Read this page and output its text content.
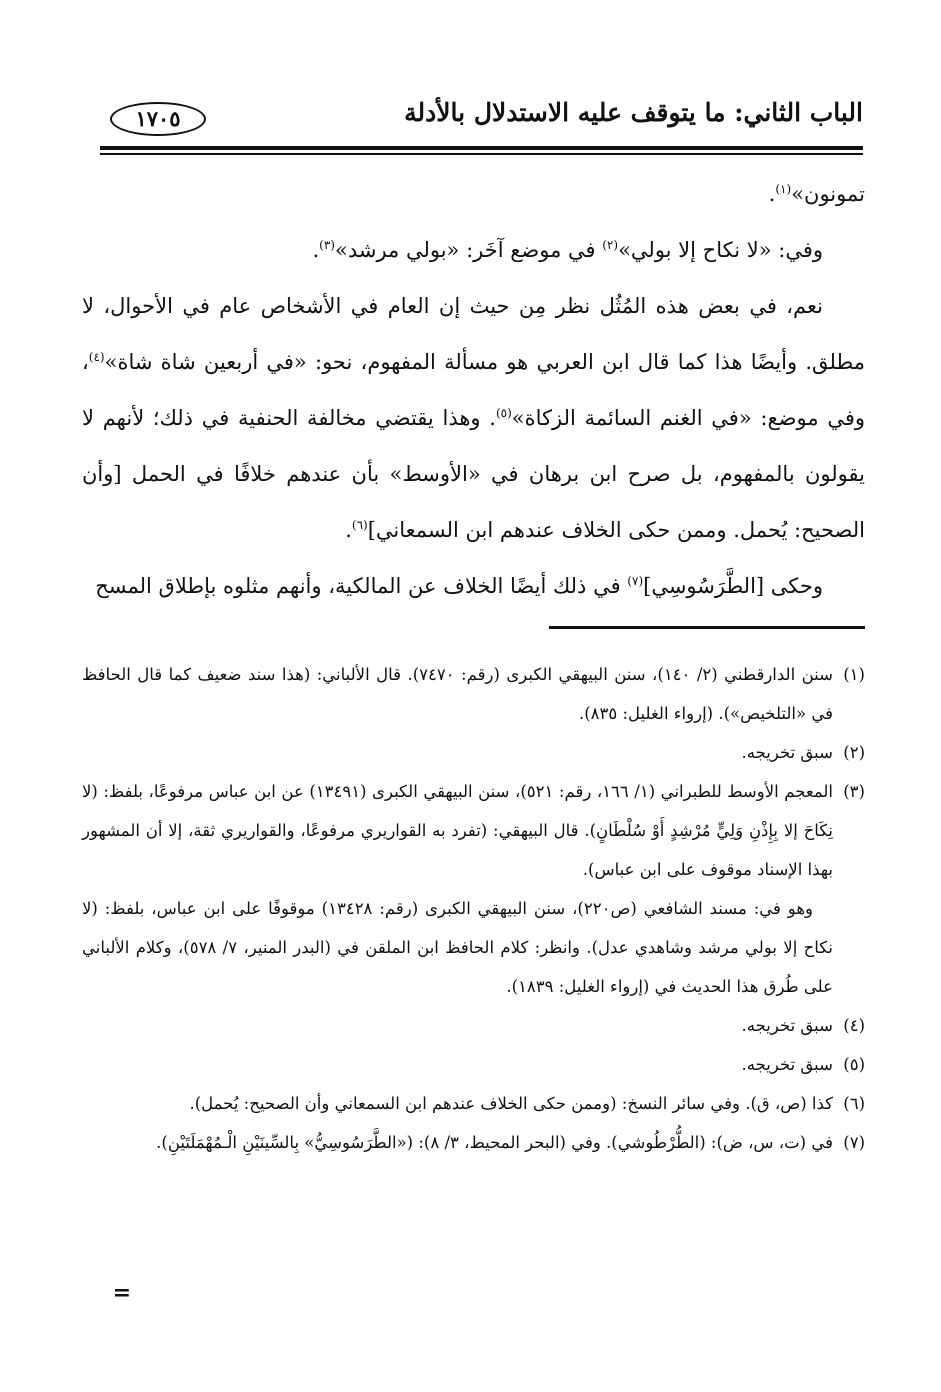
الباب الثاني: ما يتوقف عليه الاستدلال بالأدلة
١٧٠٥

تمونون»$^{(١)}$.

وفي: «لا نكاح إلا بولي»$^{(٢)}$ في موضع آخَر: «بولي مرشد»$^{(٣)}$.

نعم، في بعض هذه المُثُل نظر مِن حيث إن العام في الأشخاص عام في الأحوال، لا مطلق. وأيضًا هذا كما قال ابن العربي هو مسألة المفهوم، نحو: «في أربعين شاة شاة»$^{(٤)}$، وفي موضع: «في الغنم السائمة الزكاة»$^{(٥)}$. وهذا يقتضي مخالفة الحنفية في ذلك؛ لأنهم لا يقولون بالمفهوم، بل صرح ابن برهان في «الأوسط» بأن عندهم خلافًا في الحمل [وأن الصحيح: يُحمل. وممن حكى الخلاف عندهم ابن السمعاني]$^{(٦)}$.

وحكى [الطَّرَسُوسِي]$^{(٧)}$ في ذلك أيضًا الخلاف عن المالكية، وأنهم مثلوه بإطلاق المسح

(١)سنن الدارقطني (٢/ ١٤٠)، سنن البيهقي الكبرى (رقم: ٧٤٧٠). قال الألباني: (هذا سند ضعيف كما قال الحافظ في «التلخيص»). (إرواء الغليل: ٨٣٥).

(٢)سبق تخريجه.

(٣)المعجم الأوسط للطبراني (١/ ١٦٦، رقم: ٥٢١)، سنن البيهقي الكبرى (١٣٤٩١) عن ابن عباس مرفوعًا، بلفظ: (لا نِكَاحَ إلا بِإِذْنِ وَلِيٍّ مُرْشِدٍ أَوْ سُلْطَانٍ). قال البيهقي: (تفرد به القواريري مرفوعًا، والقواريري ثقة، إلا أن المشهور بهذا الإسناد موقوف على ابن عباس).

وهو في: مسند الشافعي (ص٢٢٠)، سنن البيهقي الكبرى (رقم: ١٣٤٢٨) موقوفًا على ابن عباس، بلفظ: (لا نكاح إلا بولي مرشد وشاهدي عدل). وانظر: كلام الحافظ ابن الملقن في (البدر المنير، ٧/ ٥٧٨)، وكلام الألباني على طُرق هذا الحديث في (إرواء الغليل: ١٨٣٩).

(٤)سبق تخريجه.

(٥)سبق تخريجه.

(٦)كذا (ص، ق). وفي سائر النسخ: (وممن حكى الخلاف عندهم ابن السمعاني وأن الصحيح: يُحمل).

(٧)في (ت، س، ض): (الطُّرْطُوشي). وفي (البحر المحيط، ٣/ ٨): («الطَّرَسُوسِيُّ» بِالسِّينَيْنِ الْـمُهْمَلَتَيْنِ).

=
